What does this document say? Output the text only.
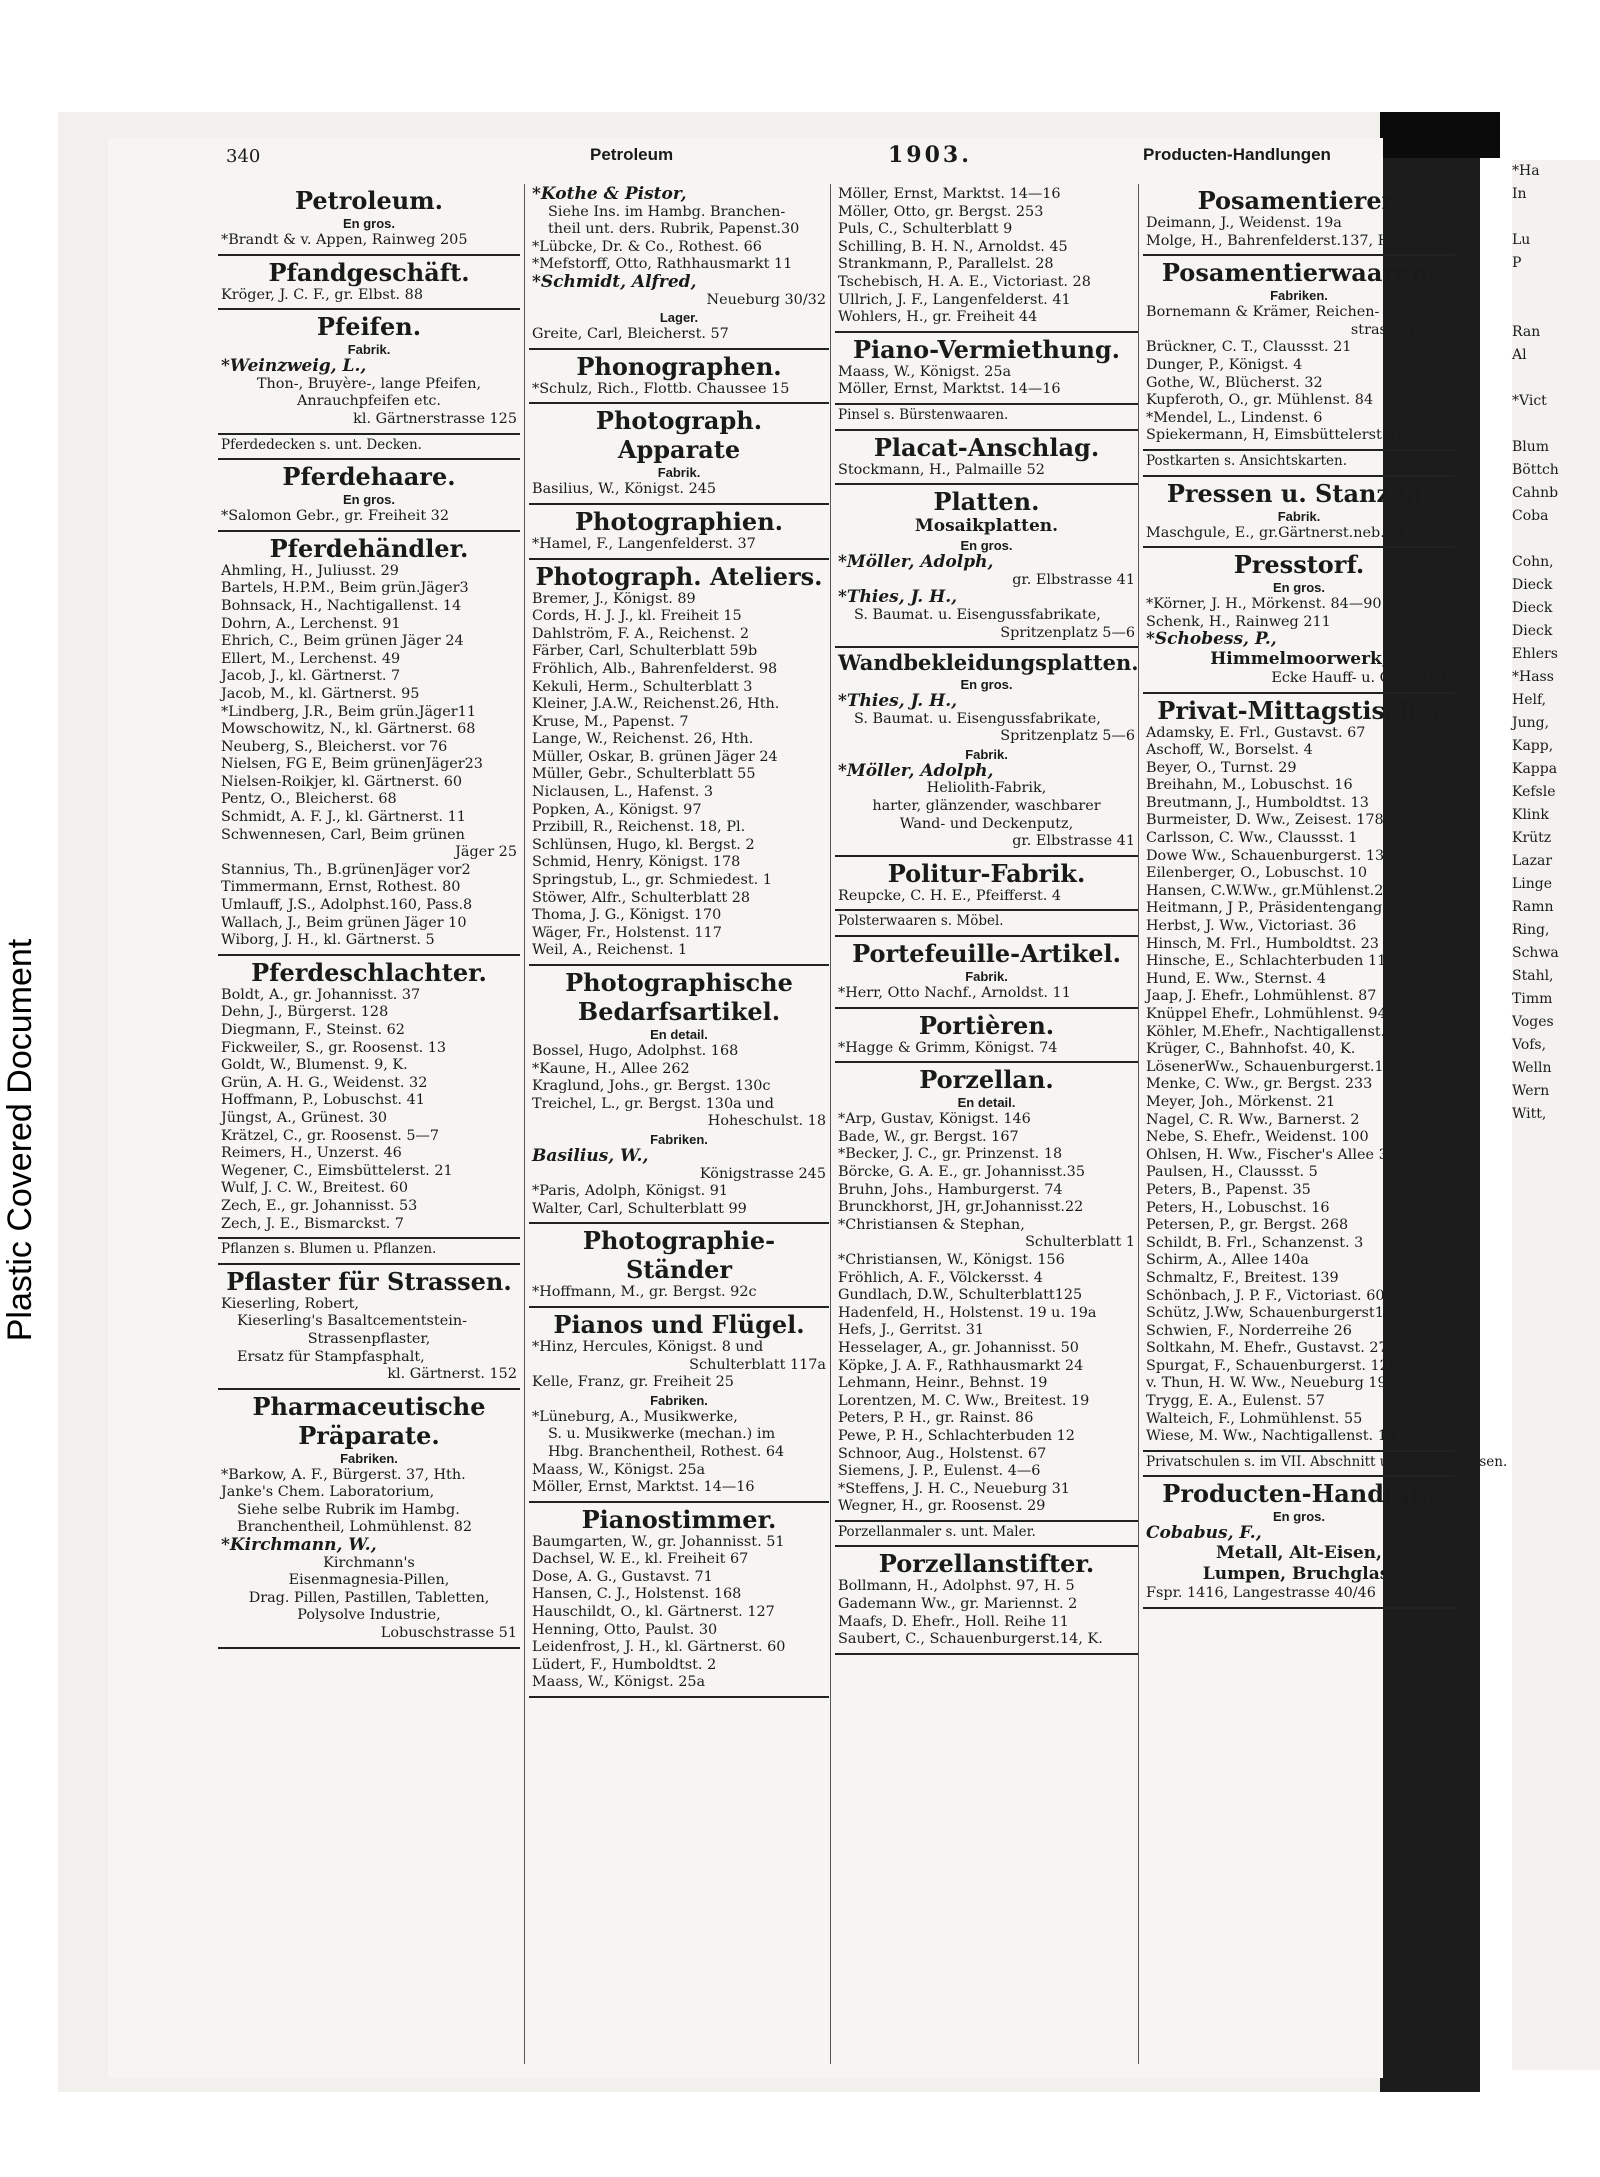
Plastic Covered Document
*Ha
In

Lu
P

Ran
Al

*Vict

Blum
Böttch
Cahnb
Coba

Cohn,
Dieck
Dieck
Dieck
Ehlers
*Hass
Helf,
Jung,
Kapp,
Kappa
Kefsle
Klink
Krütz
Lazar
Linge
Ramn
Ring,
Schwa
Stahl,
Timm
Voges
Vofs,
Welln
Wern
Witt,
340	Petroleum	1903.	Producten-Handlungen
Petroleum.
En gros.
*Brandt & v. Appen, Rainweg 205
Pfandgeschäft.
Kröger, J. C. F., gr. Elbst. 88
Pfeifen.
Fabrik.
*Weinzweig, L.,
Thon-, Bruyère-, lange Pfeifen,
Anrauchpfeifen etc.
kl. Gärtnerstrasse 125
Pferdedecken s. unt. Decken.
Pferdehaare.
En gros.
*Salomon Gebr., gr. Freiheit 32
Pferdehändler.
Ahmling, H., Juliusst. 29
Bartels, H.P.M., Beim grün.Jäger3
Bohnsack, H., Nachtigallenst. 14
Dohrn, A., Lerchenst. 91
Ehrich, C., Beim grünen Jäger 24
Ellert, M., Lerchenst. 49
Jacob, J., kl. Gärtnerst. 7
Jacob, M., kl. Gärtnerst. 95
*Lindberg, J.R., Beim grün.Jäger11
Mowschowitz, N., kl. Gärtnerst. 68
Neuberg, S., Bleicherst. vor 76
Nielsen, FG E, Beim grünenJäger23
Nielsen-Roikjer, kl. Gärtnerst. 60
Pentz, O., Bleicherst. 68
Schmidt, A. F. J., kl. Gärtnerst. 11
Schwennesen, Carl, Beim grünen
Jäger 25
Stannius, Th., B.grünenJäger vor2
Timmermann, Ernst, Rothest. 80
Umlauff, J.S., Adolphst.160, Pass.8
Wallach, J., Beim grünen Jäger 10
Wiborg, J. H., kl. Gärtnerst. 5
Pferdeschlachter.
Boldt, A., gr. Johannisst. 37
Dehn, J., Bürgerst. 128
Diegmann, F., Steinst. 62
Fickweiler, S., gr. Roosenst. 13
Goldt, W., Blumenst. 9, K.
Grün, A. H. G., Weidenst. 32
Hoffmann, P., Lobuschst. 41
Jüngst, A., Grünest. 30
Krätzel, C., gr. Roosenst. 5—7
Reimers, H., Unzerst. 46
Wegener, C., Eimsbüttelerst. 21
Wulf, J. C. W., Breitest. 60
Zech, E., gr. Johannisst. 53
Zech, J. E., Bismarckst. 7
Pflanzen s. Blumen u. Pflanzen.
Pflaster für Strassen.
Kieserling, Robert,
Kieserling's Basaltcementstein-
Strassenpflaster,
Ersatz für Stampfasphalt,
kl. Gärtnerst. 152
Pharmaceutische Präparate.
Fabriken.
*Barkow, A. F., Bürgerst. 37, Hth.
Janke's Chem. Laboratorium,
Siehe selbe Rubrik im Hambg.
Branchentheil, Lohmühlenst. 82
*Kirchmann, W.,
Kirchmann's
Eisenmagnesia-Pillen,
Drag. Pillen, Pastillen, Tabletten,
Polysolve Industrie,
Lobuschstrasse 51
*Kothe & Pistor,
Siehe Ins. im Hambg. Branchen-
theil unt. ders. Rubrik, Papenst.30
*Lübcke, Dr. & Co., Rothest. 66
*Mefstorff, Otto, Rathhausmarkt 11
*Schmidt, Alfred,
Neueburg 30/32
Lager.
Greite, Carl, Bleicherst. 57
Phonographen.
*Schulz, Rich., Flottb. Chaussee 15
Photograph. Apparate
Fabrik.
Basilius, W., Königst. 245
Photographien.
*Hamel, F., Langenfelderst. 37
Photograph. Ateliers.
Bremer, J., Königst. 89
Cords, H. J. J., kl. Freiheit 15
Dahlström, F. A., Reichenst. 2
Färber, Carl, Schulterblatt 59b
Fröhlich, Alb., Bahrenfelderst. 98
Kekuli, Herm., Schulterblatt 3
Kleiner, J.A.W., Reichenst.26, Hth.
Kruse, M., Papenst. 7
Lange, W., Reichenst. 26, Hth.
Müller, Oskar, B. grünen Jäger 24
Müller, Gebr., Schulterblatt 55
Niclausen, L., Hafenst. 3
Popken, A., Königst. 97
Przibill, R., Reichenst. 18, Pl.
Schlünsen, Hugo, kl. Bergst. 2
Schmid, Henry, Königst. 178
Springstub, L., gr. Schmiedest. 1
Stöwer, Alfr., Schulterblatt 28
Thoma, J. G., Königst. 170
Wäger, Fr., Holstenst. 117
Weil, A., Reichenst. 1
Photographische Bedarfsartikel.
En detail.
Bossel, Hugo, Adolphst. 168
*Kaune, H., Allee 262
Kraglund, Johs., gr. Bergst. 130c
Treichel, L., gr. Bergst. 130a und
Hoheschulst. 18
Fabriken.
Basilius, W.,
Königstrasse 245
*Paris, Adolph, Königst. 91
Walter, Carl, Schulterblatt 99
Photographie-Ständer
*Hoffmann, M., gr. Bergst. 92c
Pianos und Flügel.
*Hinz, Hercules, Königst. 8 und
Schulterblatt 117a
Kelle, Franz, gr. Freiheit 25
Fabriken.
*Lüneburg, A., Musikwerke,
S. u. Musikwerke (mechan.) im
Hbg. Branchentheil, Rothest. 64
Maass, W., Königst. 25a
Möller, Ernst, Marktst. 14—16
Pianostimmer.
Baumgarten, W., gr. Johannisst. 51
Dachsel, W. E., kl. Freiheit 67
Dose, A. G., Gustavst. 71
Hansen, C. J., Holstenst. 168
Hauschildt, O., kl. Gärtnerst. 127
Henning, Otto, Paulst. 30
Leidenfrost, J. H., kl. Gärtnerst. 60
Lüdert, F., Humboldtst. 2
Maass, W., Königst. 25a
Möller, Ernst, Marktst. 14—16
Möller, Otto, gr. Bergst. 253
Puls, C., Schulterblatt 9
Schilling, B. H. N., Arnoldst. 45
Strankmann, P., Parallelst. 28
Tschebisch, H. A. E., Victoriast. 28
Ullrich, J. F., Langenfelderst. 41
Wohlers, H., gr. Freiheit 44
Piano-Vermiethung.
Maass, W., Königst. 25a
Möller, Ernst, Marktst. 14—16
Pinsel s. Bürstenwaaren.
Placat-Anschlag.
Stockmann, H., Palmaille 52
Platten.
Mosaikplatten.
En gros.
*Möller, Adolph,
gr. Elbstrasse 41
*Thies, J. H.,
S. Baumat. u. Eisengussfabrikate,
Spritzenplatz 5—6
Wandbekleidungsplatten.
En gros.
*Thies, J. H.,
S. Baumat. u. Eisengussfabrikate,
Spritzenplatz 5—6
Fabrik.
*Möller, Adolph,
Heliolith-Fabrik,
harter, glänzender, waschbarer
Wand- und Deckenputz,
gr. Elbstrasse 41
Politur-Fabrik.
Reupcke, C. H. E., Pfeifferst. 4
Polsterwaaren s. Möbel.
Portefeuille-Artikel.
Fabrik.
*Herr, Otto Nachf., Arnoldst. 11
Portièren.
*Hagge & Grimm, Königst. 74
Porzellan.
En detail.
*Arp, Gustav, Königst. 146
Bade, W., gr. Bergst. 167
*Becker, J. C., gr. Prinzenst. 18
Börcke, G. A. E., gr. Johannisst.35
Bruhn, Johs., Hamburgerst. 74
Brunckhorst, JH, gr.Johannisst.22
*Christiansen & Stephan,
Schulterblatt 1
*Christiansen, W., Königst. 156
Fröhlich, A. F., Völckersst. 4
Gundlach, D.W., Schulterblatt125
Hadenfeld, H., Holstenst. 19 u. 19a
Hefs, J., Gerritst. 31
Hesselager, A., gr. Johannisst. 50
Köpke, J. A. F., Rathhausmarkt 24
Lehmann, Heinr., Behnst. 19
Lorentzen, M. C. Ww., Breitest. 19
Peters, P. H., gr. Rainst. 86
Pewe, P. H., Schlachterbuden 12
Schnoor, Aug., Holstenst. 67
Siemens, J. P., Eulenst. 4—6
*Steffens, J. H. C., Neueburg 31
Wegner, H., gr. Roosenst. 29
Porzellanmaler s. unt. Maler.
Porzellanstifter.
Bollmann, H., Adolphst. 97, H. 5
Gademann Ww., gr. Mariennst. 2
Maafs, D. Ehefr., Holl. Reihe 11
Saubert, C., Schauenburgerst.14, K.
Posamentierer.
Deimann, J., Weidenst. 19a
Molge, H., Bahrenfelderst.137, H.10
Posamentierwaaren.
Fabriken.
Bornemann & Krämer, Reichen-
strasse 16, H.
Brückner, C. T., Claussst. 21
Dunger, P., Königst. 4
Gothe, W., Blücherst. 32
Kupferoth, O., gr. Mühlenst. 84
*Mendel, L., Lindenst. 6
Spiekermann, H, Eimsbüttelerst.51
Postkarten s. Ansichtskarten.
Pressen u. Stanzen.
Fabrik.
Maschgule, E., gr.Gärtnerst.neb.68
Presstorf.
En gros.
*Körner, J. H., Mörkenst. 84—90
Schenk, H., Rainweg 211
*Schobess, P.,
Himmelmoorwerk,
Ecke Hauff- u. Gerichtst.
Privat-Mittagstische.
Adamsky, E. Frl., Gustavst. 67
Aschoff, W., Borselst. 4
Beyer, O., Turnst. 29
Breihahn, M., Lobuschst. 16
Breutmann, J., Humboldtst. 13
Burmeister, D. Ww., Zeisest. 178
Carlsson, C. Ww., Claussst. 1
Dowe Ww., Schauenburgerst. 130
Eilenberger, O., Lobuschst. 10
Hansen, C.W.Ww., gr.Mühlenst.29
Heitmann, J P., Präsidentengang 5
Herbst, J. Ww., Victoriast. 36
Hinsch, M. Frl., Humboldtst. 23
Hinsche, E., Schlachterbuden 11
Hund, E. Ww., Sternst. 4
Jaap, J. Ehefr., Lohmühlenst. 87
Knüppel Ehefr., Lohmühlenst. 94
Köhler, M.Ehefr., Nachtigallenst.5
Krüger, C., Bahnhofst. 40, K.
LösenerWw., Schauenburgerst.106
Menke, C. Ww., gr. Bergst. 233
Meyer, Joh., Mörkenst. 21
Nagel, C. R. Ww., Barnerst. 2
Nebe, S. Ehefr., Weidenst. 100
Ohlsen, H. Ww., Fischer's Allee 38
Paulsen, H., Claussst. 5
Peters, B., Papenst. 35
Peters, H., Lobuschst. 16
Petersen, P., gr. Bergst. 268
Schildt, B. Frl., Schanzenst. 3
Schirm, A., Allee 140a
Schmaltz, F., Breitest. 139
Schönbach, J. P. F., Victoriast. 60
Schütz, J.Ww, Schauenburgerst139
Schwien, F., Norderreihe 26
Soltkahn, M. Ehefr., Gustavst. 27
Spurgat, F., Schauenburgerst. 126
v. Thun, H. W. Ww., Neueburg 19
Trygg, E. A., Eulenst. 57
Walteich, F., Lohmühlenst. 55
Wiese, M. Ww., Nachtigallenst. 15
Privatschulen s. im VII. Abschnitt unter Schulwesen.
Producten-Handlgn.
En gros.
Cobabus, F.,
Metall, Alt-Eisen,
Lumpen, Bruchglas,
Fspr. 1416, Langestrasse 40/46
